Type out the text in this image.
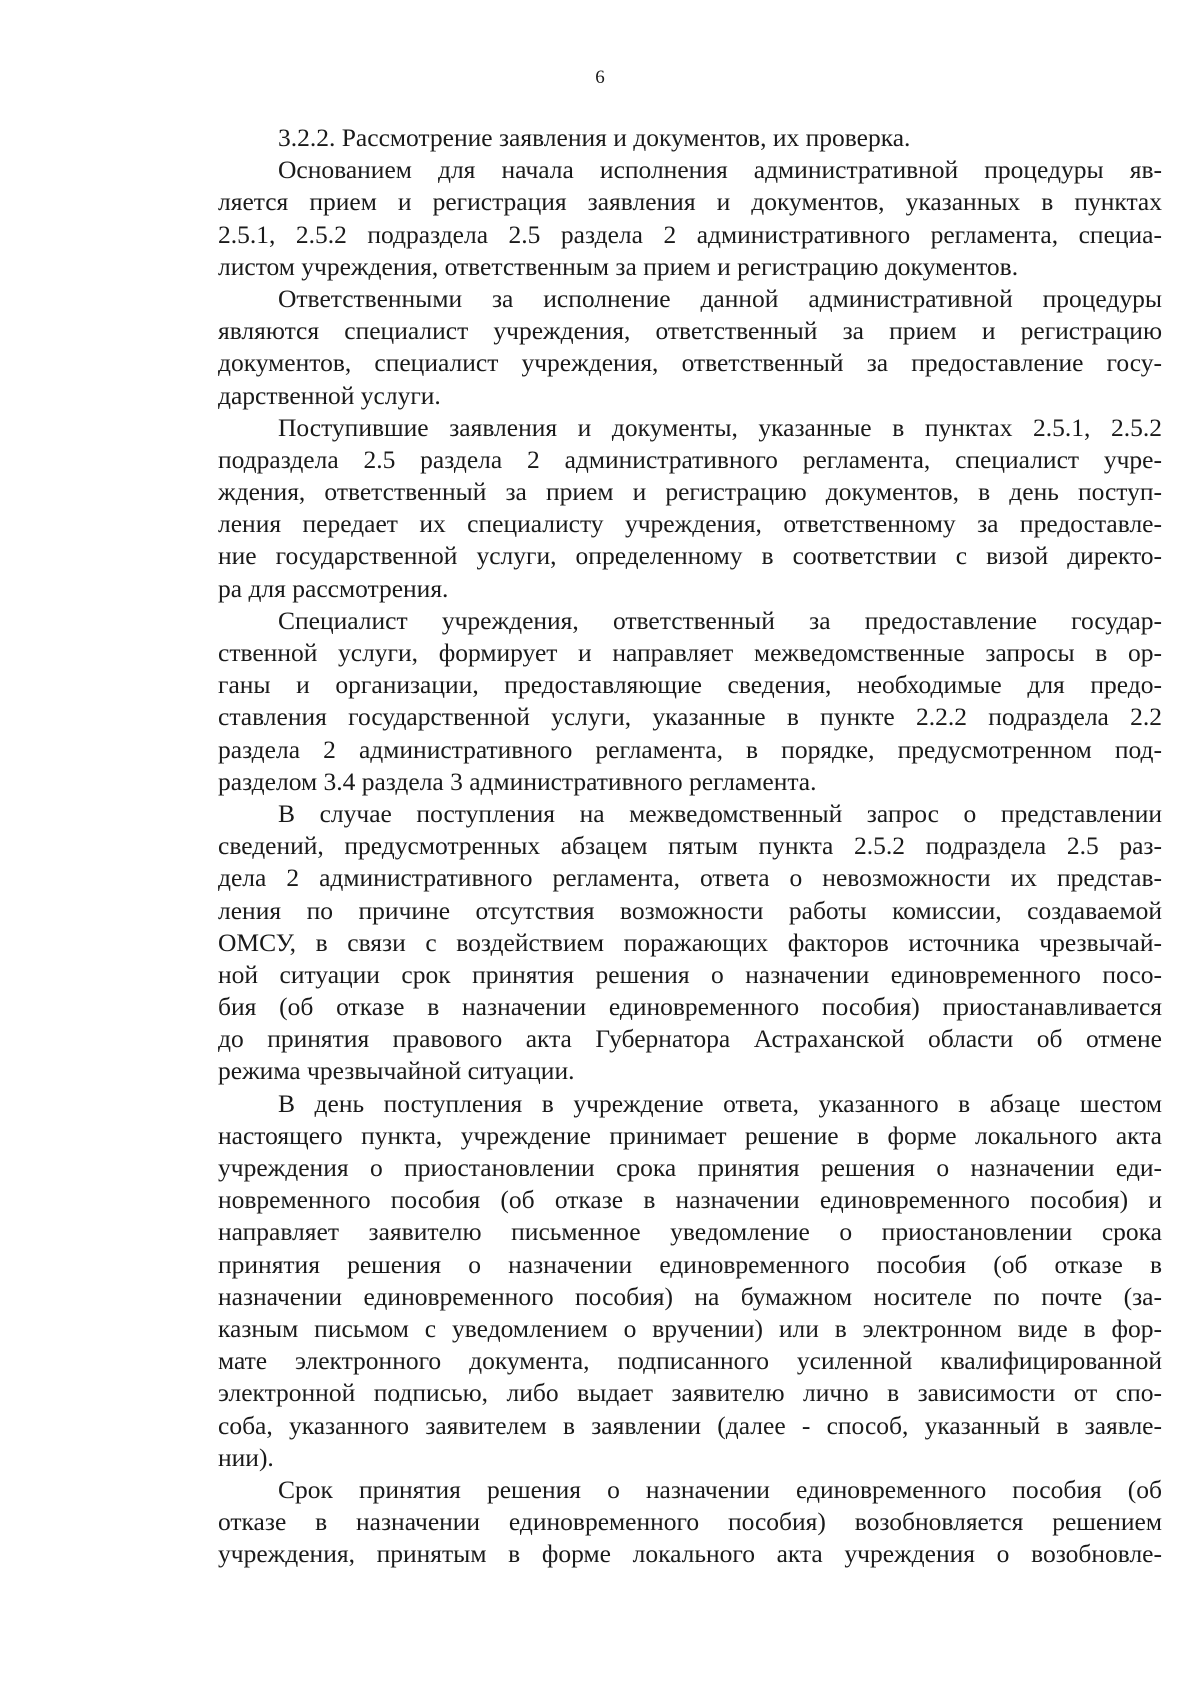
6
3.2.2. Рассмотрение заявления и документов, их проверка.
Основанием для начала исполнения административной процедуры яв-
ляется прием и регистрация заявления и документов, указанных в пунктах
2.5.1, 2.5.2 подраздела 2.5 раздела 2 административного регламента, специа-
листом учреждения, ответственным за прием и регистрацию документов.
Ответственными за исполнение данной административной процедуры
являются специалист учреждения, ответственный за прием и регистрацию
документов, специалист учреждения, ответственный за предоставление госу-
дарственной услуги.
Поступившие заявления и документы, указанные в пунктах 2.5.1, 2.5.2
подраздела 2.5 раздела 2 административного регламента, специалист учре-
ждения, ответственный за прием и регистрацию документов, в день поступ-
ления передает их специалисту учреждения, ответственному за предоставле-
ние государственной услуги, определенному в соответствии с визой директо-
ра для рассмотрения.
Специалист учреждения, ответственный за предоставление государ-
ственной услуги, формирует и направляет межведомственные запросы в ор-
ганы и организации, предоставляющие сведения, необходимые для предо-
ставления государственной услуги, указанные в пункте 2.2.2 подраздела 2.2
раздела 2 административного регламента, в порядке, предусмотренном под-
разделом 3.4 раздела 3 административного регламента.
В случае поступления на межведомственный запрос о представлении
сведений, предусмотренных абзацем пятым пункта 2.5.2 подраздела 2.5 раз-
дела 2 административного регламента, ответа о невозможности их представ-
ления по причине отсутствия возможности работы комиссии, создаваемой
ОМСУ, в связи с воздействием поражающих факторов источника чрезвычай-
ной ситуации срок принятия решения о назначении единовременного посо-
бия (об отказе в назначении единовременного пособия) приостанавливается
до принятия правового акта Губернатора Астраханской области об отмене
режима чрезвычайной ситуации.
В день поступления в учреждение ответа, указанного в абзаце шестом
настоящего пункта, учреждение принимает решение в форме локального акта
учреждения о приостановлении срока принятия решения о назначении еди-
новременного пособия (об отказе в назначении единовременного пособия) и
направляет заявителю письменное уведомление о приостановлении срока
принятия решения о назначении единовременного пособия (об отказе в
назначении единовременного пособия) на бумажном носителе по почте (за-
казным письмом с уведомлением о вручении) или в электронном виде в фор-
мате электронного документа, подписанного усиленной квалифицированной
электронной подписью, либо выдает заявителю лично в зависимости от спо-
соба, указанного заявителем в заявлении (далее - способ, указанный в заявле-
нии).
Срок принятия решения о назначении единовременного пособия (об
отказе в назначении единовременного пособия) возобновляется решением
учреждения, принятым в форме локального акта учреждения о возобновле-
